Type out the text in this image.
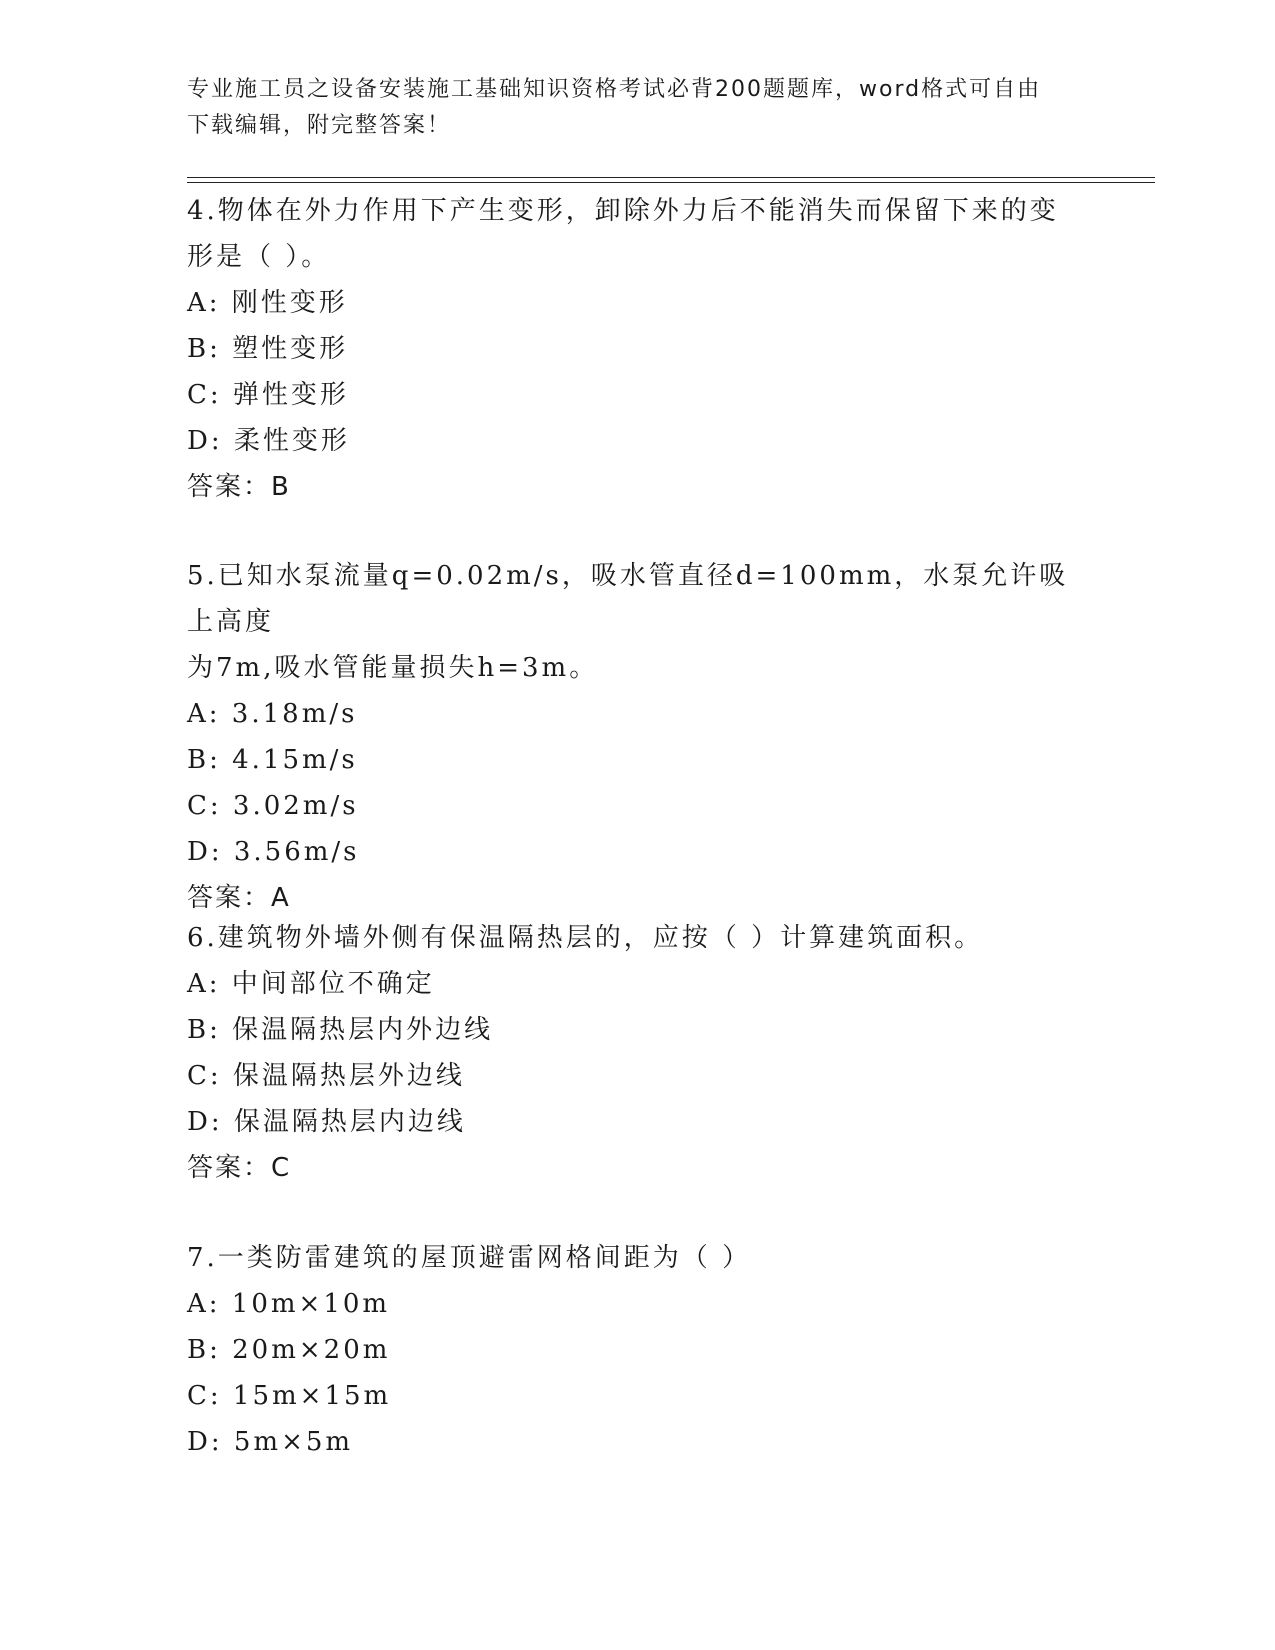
专业施工员之设备安装施工基础知识资格考试必背200题题库，word格式可自由
下载编辑，附完整答案！

4.物体在外力作用下产生变形，卸除外力后不能消失而保留下来的变

形是（ ）。

A: 刚性变形

B: 塑性变形

C: 弹性变形

D: 柔性变形

答案：B

5.已知水泵流量q=0.02m/s，吸水管直径d=100mm，水泵允许吸上高度

为7m,吸水管能量损失h=3m。

A: 3.18m/s

B: 4.15m/s

C: 3.02m/s

D: 3.56m/s

答案：A

6.建筑物外墙外侧有保温隔热层的，应按（ ）计算建筑面积。

A: 中间部位不确定

B: 保温隔热层内外边线

C: 保温隔热层外边线

D: 保温隔热层内边线

答案：C

7.一类防雷建筑的屋顶避雷网格间距为（ ）

A: 10m×10m

B: 20m×20m

C: 15m×15m

D: 5m×5m
